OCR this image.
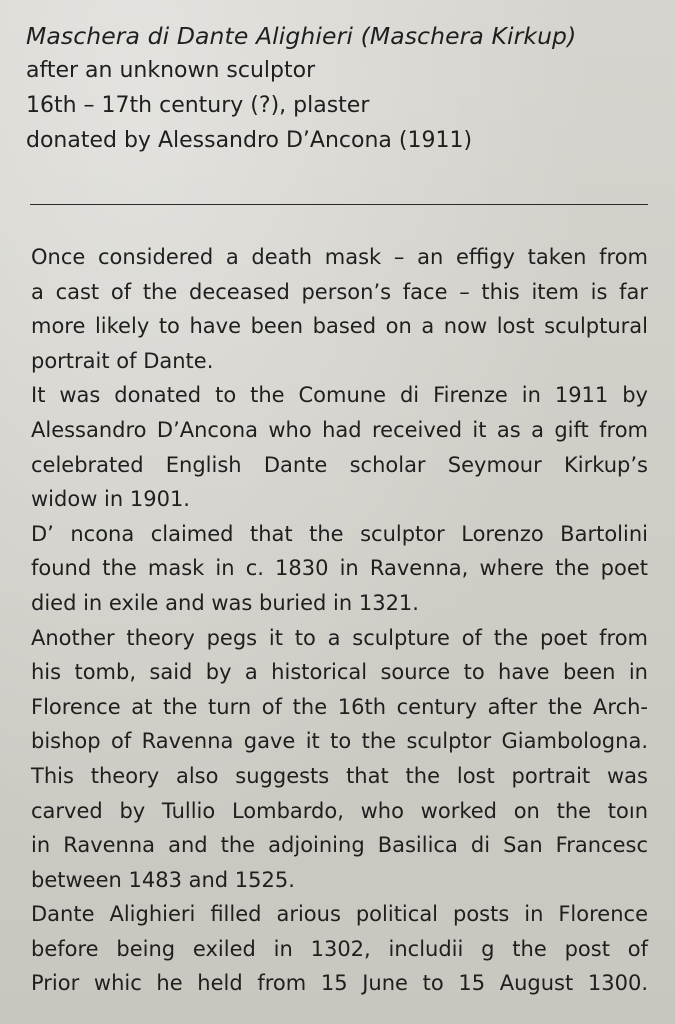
Maschera di Dante Alighieri (Maschera Kirkup)

after an unknown sculptor

16th – 17th century (?), plaster

donated by Alessandro D’Ancona (1911)

Once considered a death mask – an effigy taken from

a cast of the deceased person’s face – this item is far

more likely to have been based on a now lost sculptural

portrait of Dante.

It was donated to the Comune di Firenze in 1911 by

Alessandro D’Ancona who had received it as a gift from

celebrated English Dante scholar Seymour Kirkup’s

widow in 1901.

D’ ncona claimed that the sculptor Lorenzo Bartolini

found the mask in c. 1830 in Ravenna, where the poet

died in exile and was buried in 1321.

Another theory pegs it to a sculpture of the poet from

his tomb, said by a historical source to have been in

Florence at the turn of the 16th century after the Arch-

bishop of Ravenna gave it to the sculptor Giambologna.

This theory also suggests that the lost portrait was

carved by Tullio Lombardo, who worked on the toın

in Ravenna and the adjoining Basilica di San Francesc

between 1483 and 1525.

Dante Alighieri filled arious political posts in Florence

before being exiled in 1302, includii g the post of

Prior whic he held from 15 June to 15 August 1300.
